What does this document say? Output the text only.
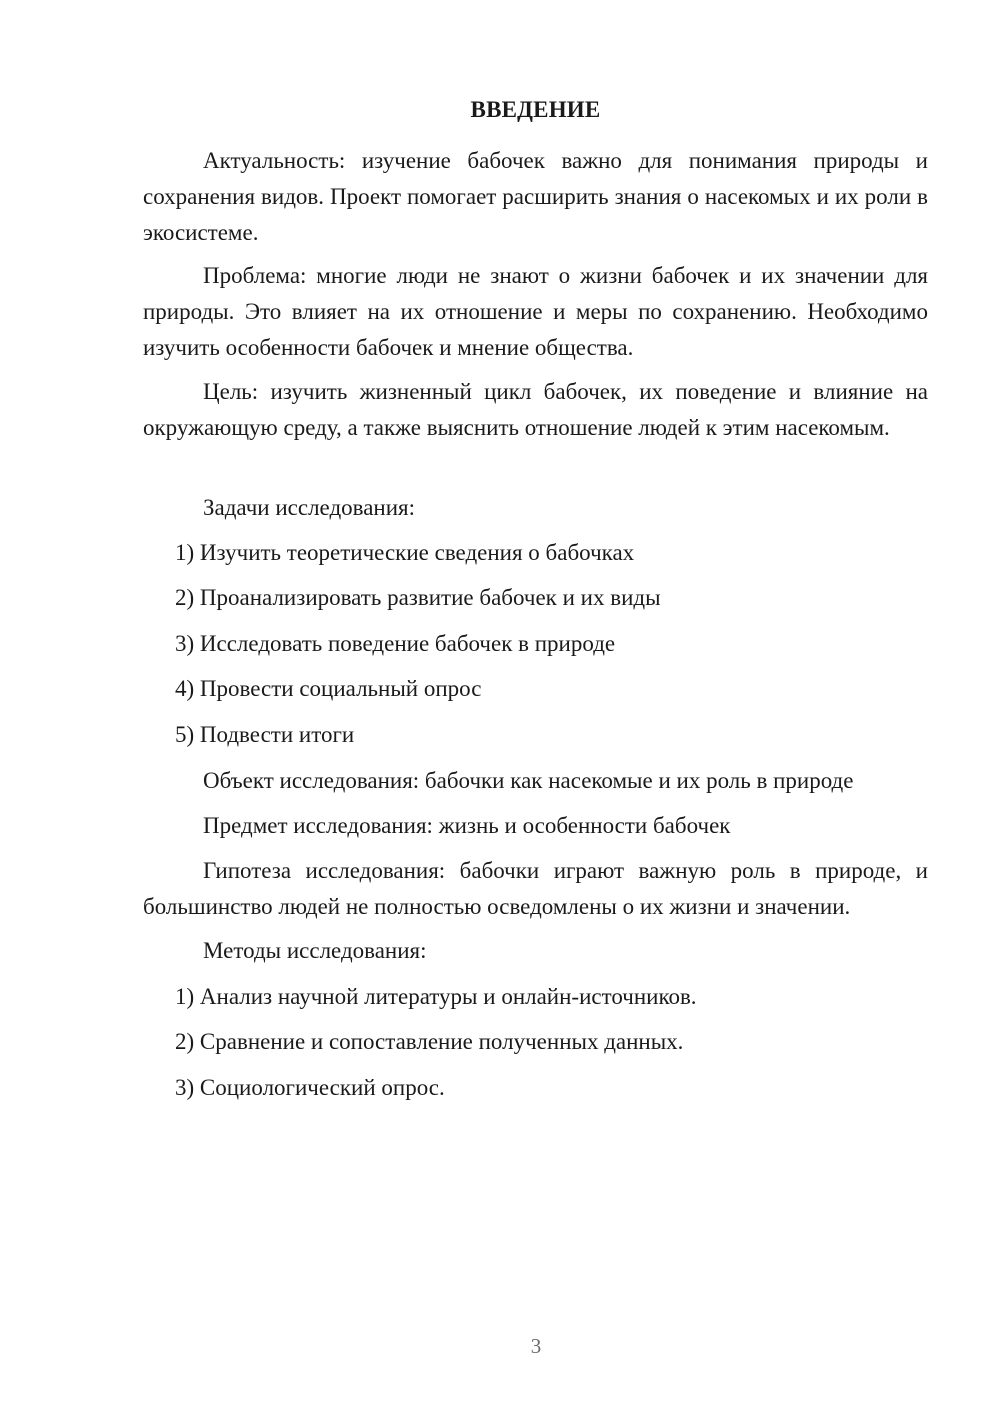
ВВЕДЕНИЕ

Актуальность: изучение бабочек важно для понимания природы и сохранения видов. Проект помогает расширить знания о насекомых и их роли в экосистеме.

Проблема: многие люди не знают о жизни бабочек и их значении для природы. Это влияет на их отношение и меры по сохранению. Необходимо изучить особенности бабочек и мнение общества.

Цель: изучить жизненный цикл бабочек, их поведение и влияние на окружающую среду, а также выяснить отношение людей к этим насекомым.

Задачи исследования:
1) Изучить теоретические сведения о бабочках
2) Проанализировать развитие бабочек и их виды
3) Исследовать поведение бабочек в природе
4) Провести социальный опрос
5) Подвести итоги
Объект исследования: бабочки как насекомые и их роль в природе
Предмет исследования: жизнь и особенности бабочек

Гипотеза исследования: бабочки играют важную роль в природе, и большинство людей не полностью осведомлены о их жизни и значении.

Методы исследования:
1) Анализ научной литературы и онлайн-источников.
2) Сравнение и сопоставление полученных данных.
3) Социологический опрос.
3
